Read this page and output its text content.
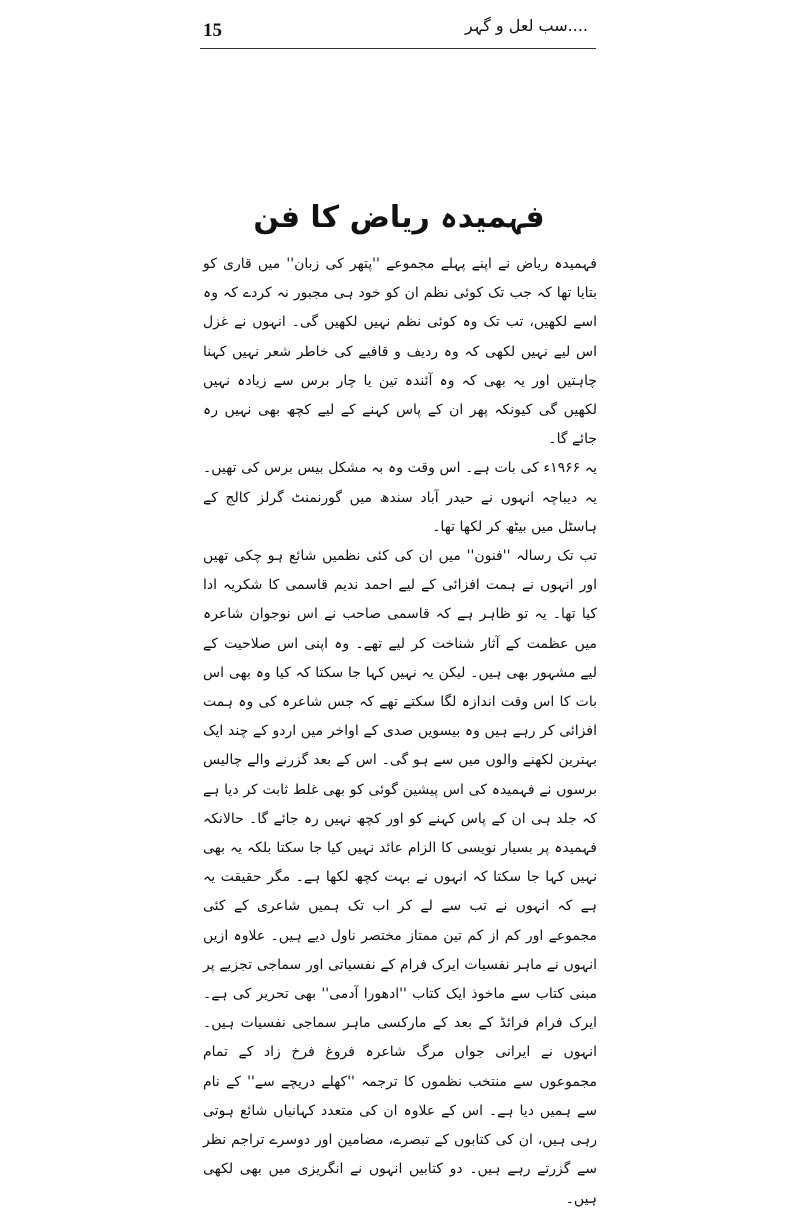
15	....سب لعل و گہر
فہمیدہ ریاض کا فن

فہمیدہ ریاض نے اپنے پہلے مجموعے ''پتھر کی زبان'' میں قاری کو بتایا تھا کہ جب تک کوئی نظم ان کو خود ہی مجبور نہ کردے کہ وہ اسے لکھیں، تب تک وہ کوئی نظم نہیں لکھیں گی۔ انہوں نے غزل اس لیے نہیں لکھی کہ وہ ردیف و قافیے کی خاطر شعر نہیں کہنا چاہتیں اور یہ بھی کہ وہ آئندہ تین یا چار برس سے زیادہ نہیں لکھیں گی کیونکہ پھر ان کے پاس کہنے کے لیے کچھ بھی نہیں رہ جائے گا۔

یہ ۱۹۶۶ء کی بات ہے۔ اس وقت وہ بہ مشکل بیس برس کی تھیں۔ یہ دیباچہ انہوں نے حیدر آباد سندھ میں گورنمنٹ گرلز کالج کے ہاسٹل میں بیٹھ کر لکھا تھا۔

تب تک رسالہ ''فنون'' میں ان کی کئی نظمیں شائع ہو چکی تھیں اور انہوں نے ہمت افزائی کے لیے احمد ندیم قاسمی کا شکریہ ادا کیا تھا۔ یہ تو ظاہر ہے کہ قاسمی صاحب نے اس نوجوان شاعرہ میں عظمت کے آثار شناخت کر لیے تھے۔ وہ اپنی اس صلاحیت کے لیے مشہور بھی ہیں۔ لیکن یہ نہیں کہا جا سکتا کہ کیا وہ بھی اس بات کا اس وقت اندازہ لگا سکتے تھے کہ جس شاعرہ کی وہ ہمت افزائی کر رہے ہیں وہ بیسویں صدی کے اواخر میں اردو کے چند ایک بہترین لکھنے والوں میں سے ہو گی۔ اس کے بعد گزرنے والے چالیس برسوں نے فہمیدہ کی اس پیشین گوئی کو بھی غلط ثابت کر دیا ہے کہ جلد ہی ان کے پاس کہنے کو اور کچھ نہیں رہ جائے گا۔ حالانکہ فہمیدہ پر بسیار نویسی کا الزام عائد نہیں کیا جا سکتا بلکہ یہ بھی نہیں کہا جا سکتا کہ انہوں نے بہت کچھ لکھا ہے۔ مگر حقیقت یہ ہے کہ انہوں نے تب سے لے کر اب تک ہمیں شاعری کے کئی مجموعے اور کم از کم تین ممتاز مختصر ناول دیے ہیں۔ علاوہ ازیں انہوں نے ماہر نفسیات ایرک فرام کے نفسیاتی اور سماجی تجزیے پر مبنی کتاب سے ماخوذ ایک کتاب ''ادھورا آدمی'' بھی تحریر کی ہے۔ ایرک فرام فرائڈ کے بعد کے مارکسی ماہر سماجی نفسیات ہیں۔ انہوں نے ایرانی جواں مرگ شاعرہ فروغ فرخ زاد کے تمام مجموعوں سے منتخب نظموں کا ترجمہ ''کھلے دریچے سے'' کے نام سے ہمیں دیا ہے۔ اس کے علاوہ ان کی متعدد کہانیاں شائع ہوتی رہی ہیں، ان کی کتابوں کے تبصرے، مضامین اور دوسرے تراجم نظر سے گزرتے رہے ہیں۔ دو کتابیں انہوں نے انگریزی میں بھی لکھی ہیں۔
